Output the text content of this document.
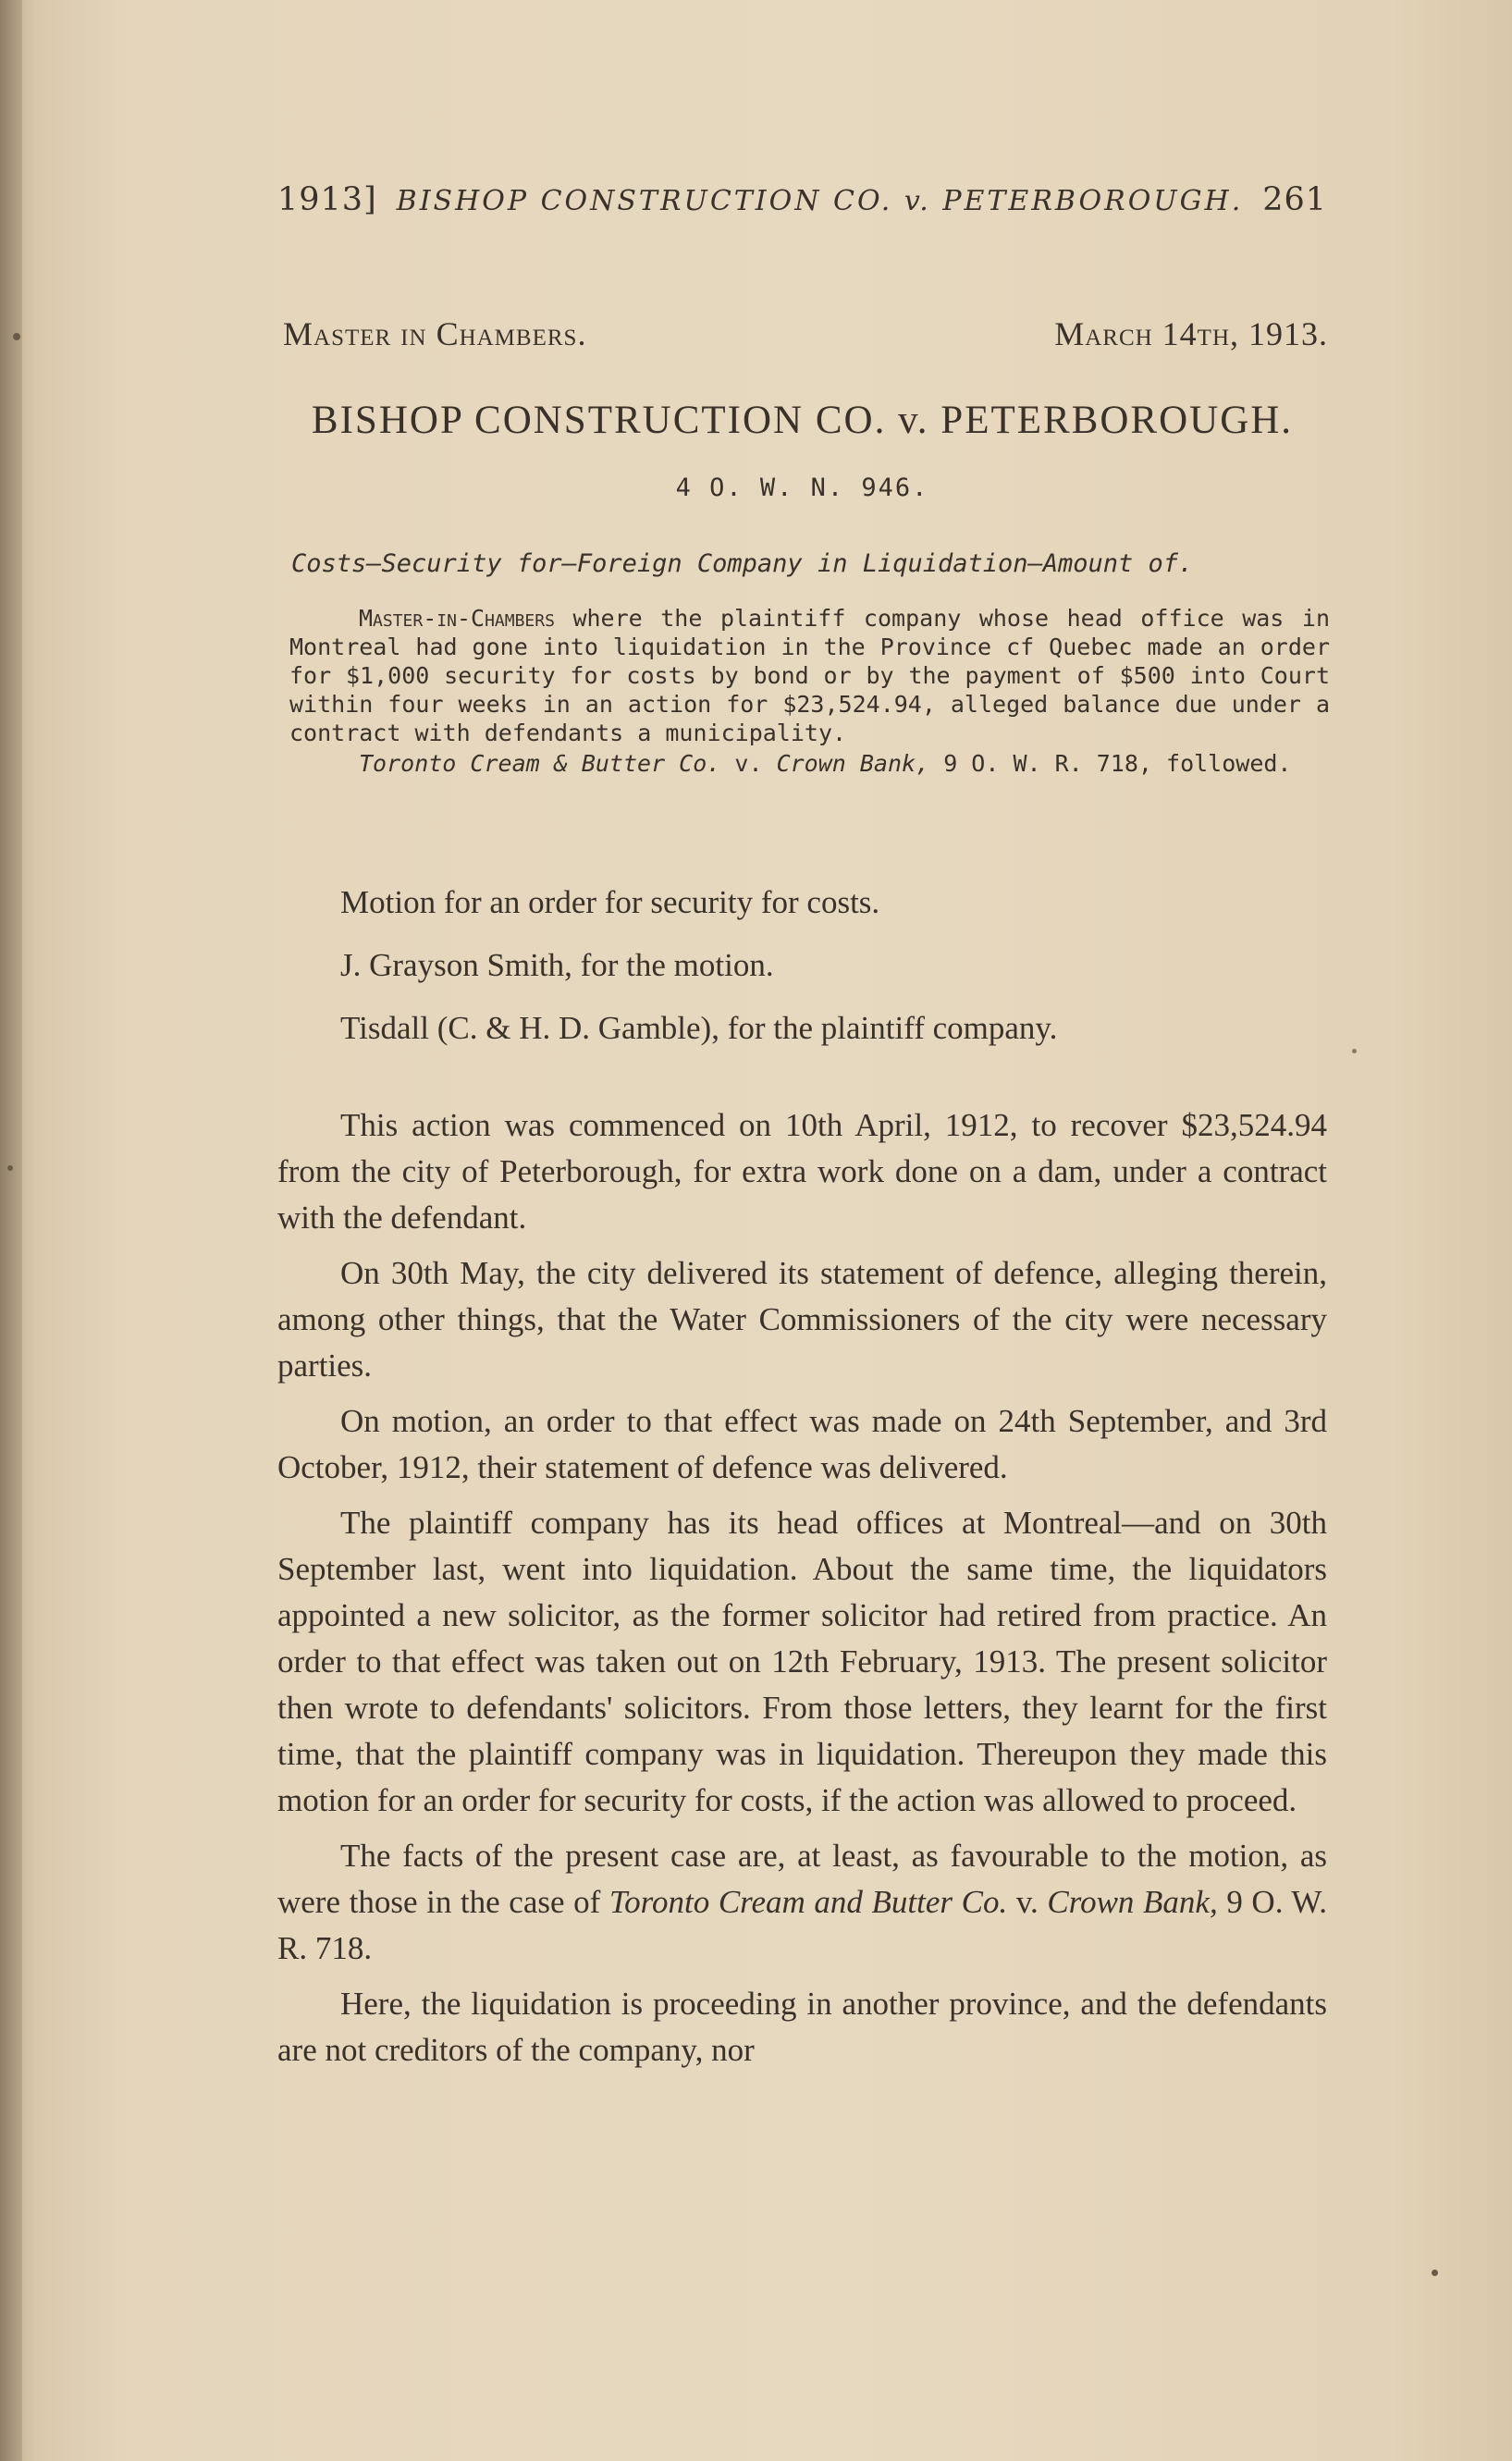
1913] BISHOP CONSTRUCTION CO. v. PETERBOROUGH. 261
Master in Chambers.	March 14th, 1913.
BISHOP CONSTRUCTION CO. v. PETERBOROUGH.
4 O. W. N. 946.
Costs—Security for—Foreign Company in Liquidation—Amount of.

Master-in-Chambers where the plaintiff company whose head office was in Montreal had gone into liquidation in the Province cf Quebec made an order for $1,000 security for costs by bond or by the payment of $500 into Court within four weeks in an action for $23,524.94, alleged balance due under a contract with defendants a municipality.

Toronto Cream & Butter Co. v. Crown Bank, 9 O. W. R. 718, followed.

Motion for an order for security for costs.

J. Grayson Smith, for the motion.

Tisdall (C. & H. D. Gamble), for the plaintiff company.

This action was commenced on 10th April, 1912, to recover $23,524.94 from the city of Peterborough, for extra work done on a dam, under a contract with the defendant.

On 30th May, the city delivered its statement of defence, alleging therein, among other things, that the Water Commissioners of the city were necessary parties.

On motion, an order to that effect was made on 24th September, and 3rd October, 1912, their statement of defence was delivered.

The plaintiff company has its head offices at Montreal—and on 30th September last, went into liquidation. About the same time, the liquidators appointed a new solicitor, as the former solicitor had retired from practice. An order to that effect was taken out on 12th February, 1913. The present solicitor then wrote to defendants' solicitors. From those letters, they learnt for the first time, that the plaintiff company was in liquidation. Thereupon they made this motion for an order for security for costs, if the action was allowed to proceed.

The facts of the present case are, at least, as favourable to the motion, as were those in the case of Toronto Cream and Butter Co. v. Crown Bank, 9 O. W. R. 718.

Here, the liquidation is proceeding in another province, and the defendants are not creditors of the company, nor
